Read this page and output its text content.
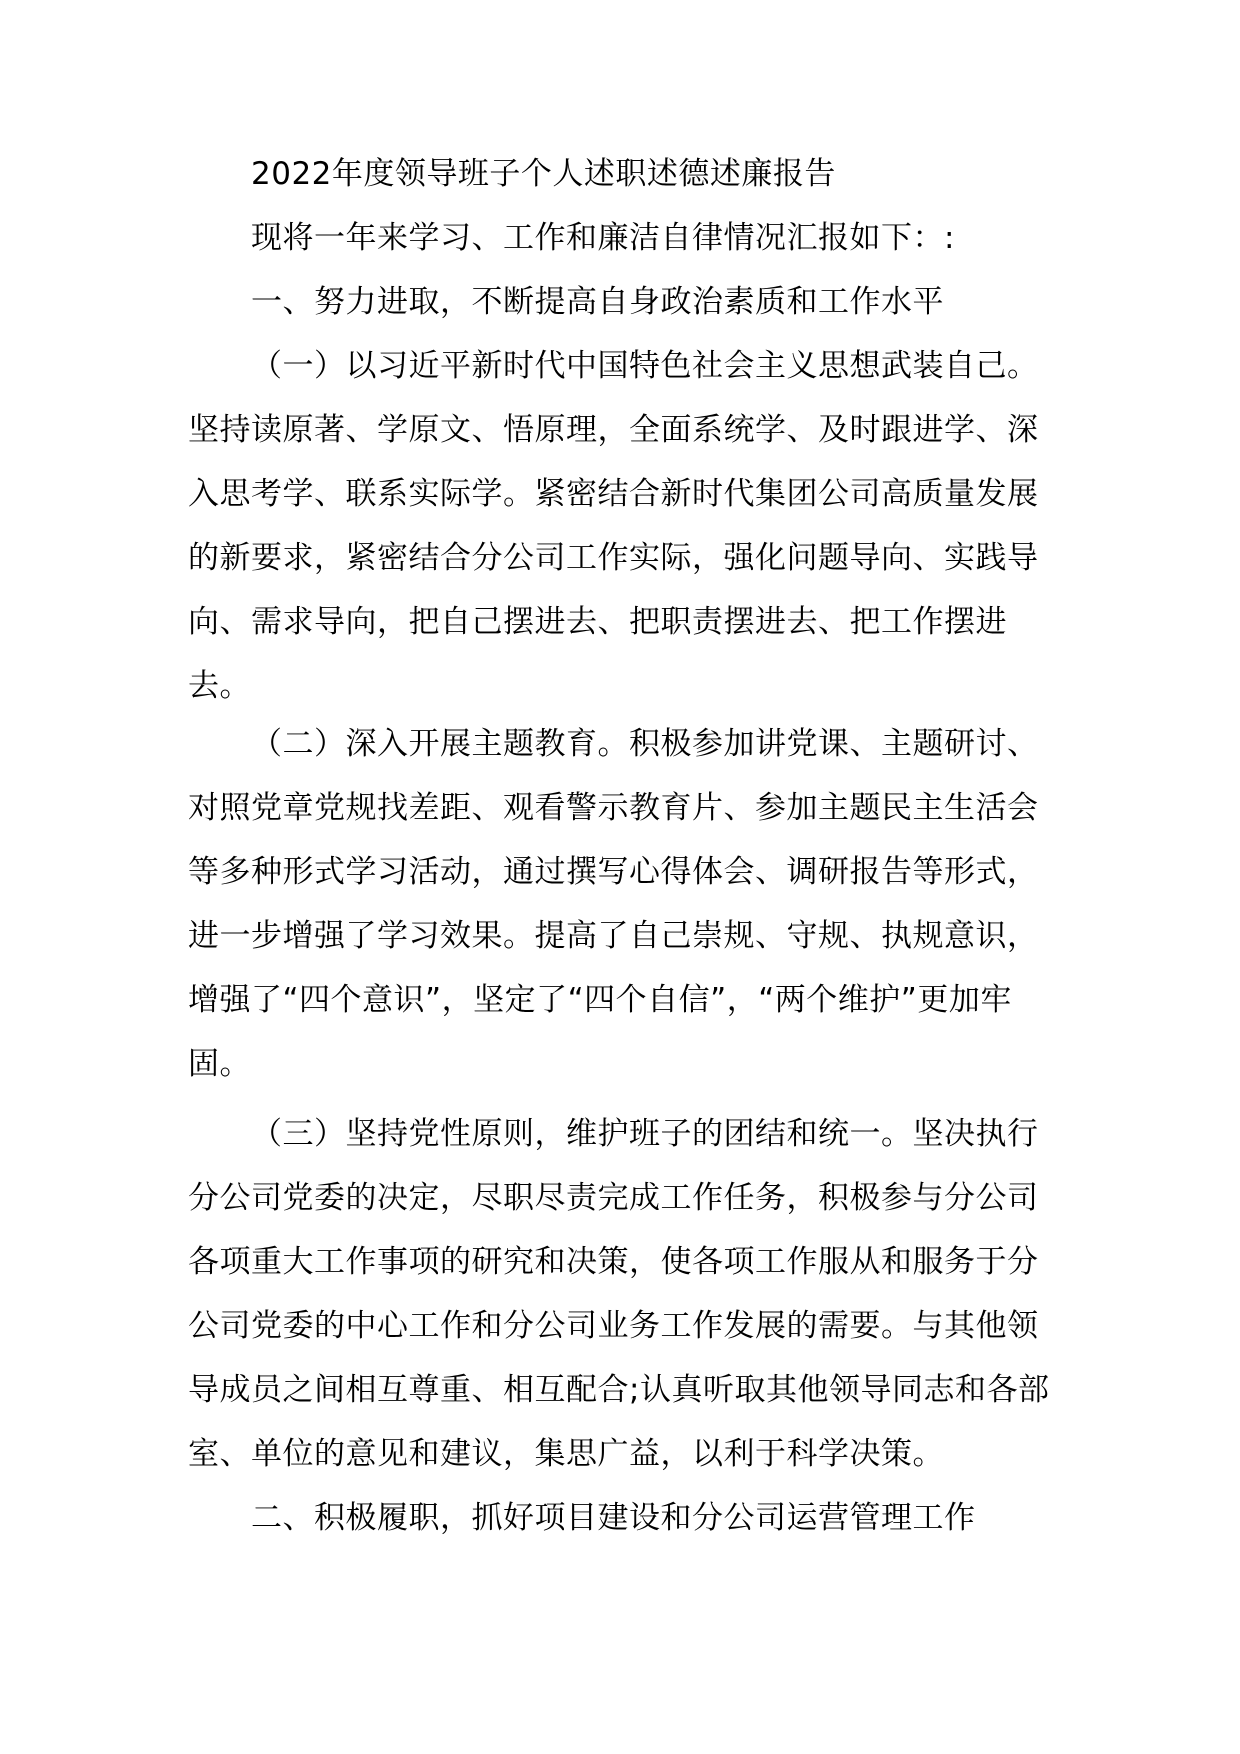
2022年度领导班子个人述职述德述廉报告

现将一年来学习、工作和廉洁自律情况汇报如下：:

一、努力进取，不断提高自身政治素质和工作水平

（一）以习近平新时代中国特色社会主义思想武装自己。坚持读原著、学原文、悟原理，全面系统学、及时跟进学、深入思考学、联系实际学。紧密结合新时代集团公司高质量发展的新要求，紧密结合分公司工作实际，强化问题导向、实践导向、需求导向，把自己摆进去、把职责摆进去、把工作摆进去。

（二）深入开展主题教育。积极参加讲党课、主题研讨、对照党章党规找差距、观看警示教育片、参加主题民主生活会等多种形式学习活动，通过撰写心得体会、调研报告等形式，进一步增强了学习效果。提高了自己崇规、守规、执规意识，增强了“四个意识”，坚定了“四个自信”，“两个维护”更加牢固。

（三）坚持党性原则，维护班子的团结和统一。坚决执行分公司党委的决定，尽职尽责完成工作任务，积极参与分公司各项重大工作事项的研究和决策，使各项工作服从和服务于分公司党委的中心工作和分公司业务工作发展的需要。与其他领导成员之间相互尊重、相互配合;认真听取其他领导同志和各部室、单位的意见和建议，集思广益，以利于科学决策。

二、积极履职，抓好项目建设和分公司运营管理工作
